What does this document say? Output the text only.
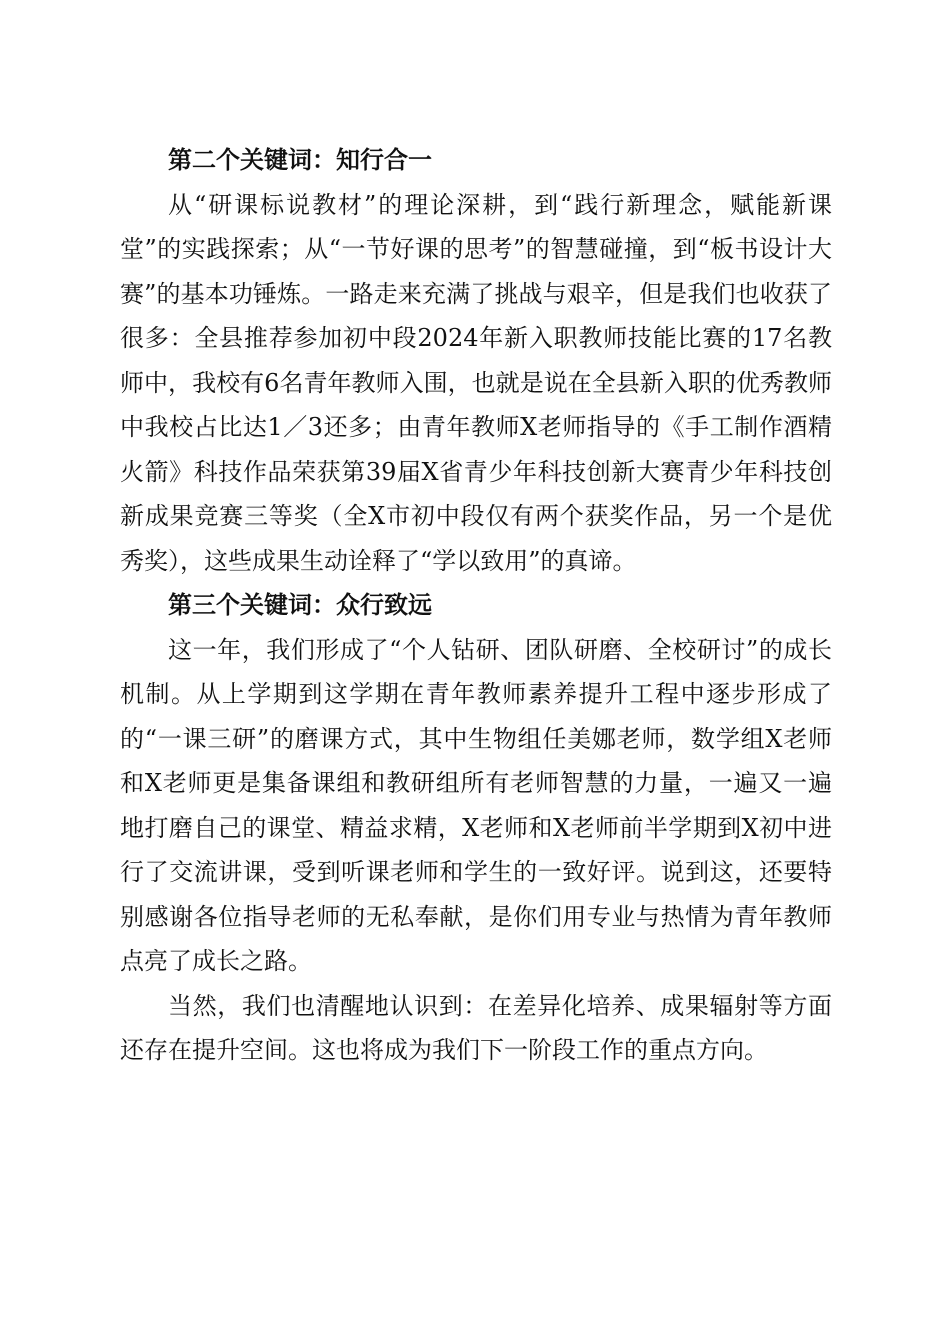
第二个关键词：知行合一

从“研课标说教材”的理论深耕，到“践行新理念，赋能新课堂”的实践探索；从“一节好课的思考”的智慧碰撞，到“板书设计大赛”的基本功锤炼。一路走来充满了挑战与艰辛，但是我们也收获了很多：全县推荐参加初中段2024年新入职教师技能比赛的17名教师中，我校有6名青年教师入围，也就是说在全县新入职的优秀教师中我校占比达1／3还多；由青年教师X老师指导的《手工制作酒精火箭》科技作品荣获第39届X省青少年科技创新大赛青少年科技创新成果竞赛三等奖（全X市初中段仅有两个获奖作品，另一个是优秀奖），这些成果生动诠释了“学以致用”的真谛。

第三个关键词：众行致远

这一年，我们形成了“个人钻研、团队研磨、全校研讨”的成长机制。从上学期到这学期在青年教师素养提升工程中逐步形成了的“一课三研”的磨课方式，其中生物组任美娜老师，数学组X老师和X老师更是集备课组和教研组所有老师智慧的力量，一遍又一遍地打磨自己的课堂、精益求精，X老师和X老师前半学期到X初中进行了交流讲课，受到听课老师和学生的一致好评。说到这，还要特别感谢各位指导老师的无私奉献，是你们用专业与热情为青年教师点亮了成长之路。

当然，我们也清醒地认识到：在差异化培养、成果辐射等方面还存在提升空间。这也将成为我们下一阶段工作的重点方向。
